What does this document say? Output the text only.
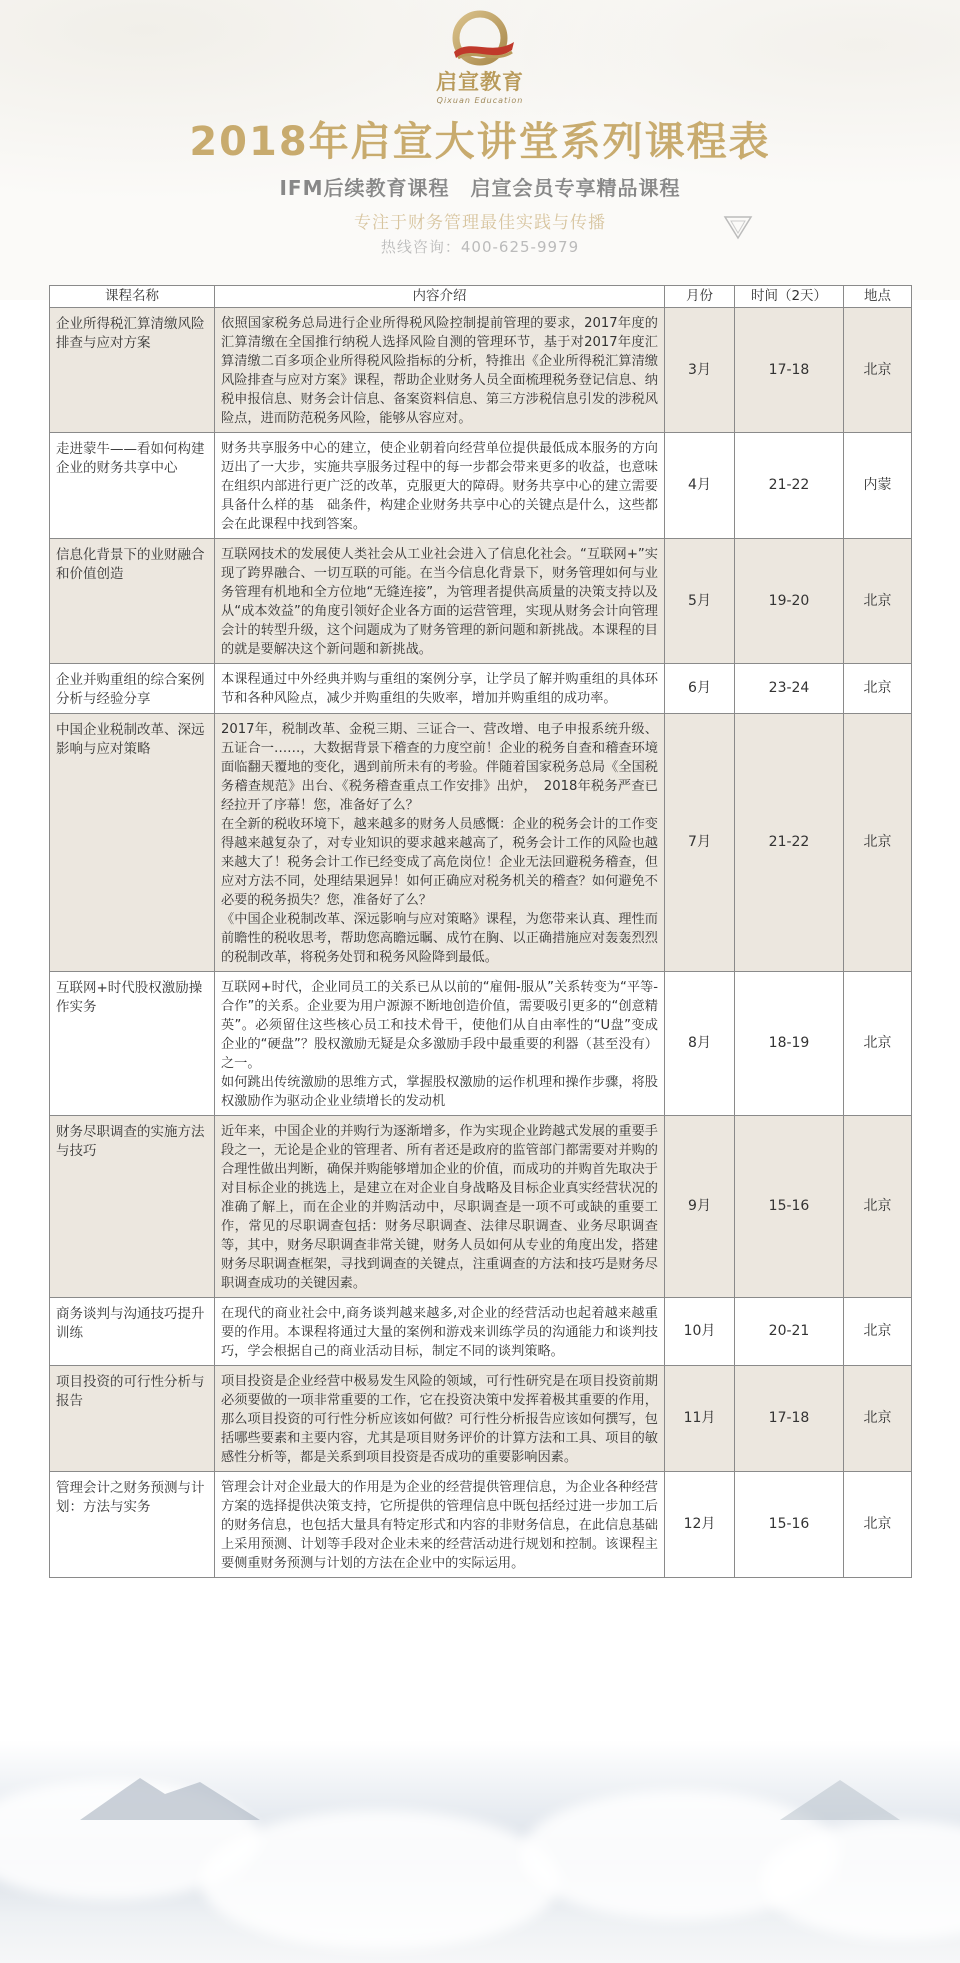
启宣教育
Qixuan Education
2018年启宣大讲堂系列课程表
IFM后续教育课程　启宣会员专享精品课程
专注于财务管理最佳实践与传播
热线咨询：400-625-9979
课程名称	内容介绍	月份	时间（2天）	地点
企业所得税汇算清缴风险排查与应对方案	依照国家税务总局进行企业所得税风险控制提前管理的要求，2017年度的汇算清缴在全国推行纳税人选择风险自测的管理环节，基于对2017年度汇算清缴二百多项企业所得税风险指标的分析，特推出《企业所得税汇算清缴风险排查与应对方案》课程，帮助企业财务人员全面梳理税务登记信息、纳税申报信息、财务会计信息、备案资料信息、第三方涉税信息引发的涉税风险点，进而防范税务风险，能够从容应对。	3月	17-18	北京
走进蒙牛——看如何构建企业的财务共享中心	财务共享服务中心的建立，使企业朝着向经营单位提供最低成本服务的方向迈出了一大步，实施共享服务过程中的每一步都会带来更多的收益，也意味在组织内部进行更广泛的改革，克服更大的障碍。财务共享中心的建立需要具备什么样的基　础条件，构建企业财务共享中心的关键点是什么，这些都会在此课程中找到答案。	4月	21-22	内蒙
信息化背景下的业财融合和价值创造	互联网技术的发展使人类社会从工业社会进入了信息化社会。“互联网+”实现了跨界融合、一切互联的可能。在当今信息化背景下，财务管理如何与业务管理有机地和全方位地“无缝连接”，为管理者提供高质量的决策支持以及从“成本效益”的角度引领好企业各方面的运营管理，实现从财务会计向管理会计的转型升级，这个问题成为了财务管理的新问题和新挑战。本课程的目的就是要解决这个新问题和新挑战。	5月	19-20	北京
企业并购重组的综合案例分析与经验分享	本课程通过中外经典并购与重组的案例分享，让学员了解并购重组的具体环节和各种风险点，减少并购重组的失败率，增加并购重组的成功率。	6月	23-24	北京
中国企业税制改革、深远影响与应对策略	2017年，税制改革、金税三期、三证合一、营改增、电子申报系统升级、五证合一……，大数据背景下稽查的力度空前！企业的税务自查和稽查环境面临翻天覆地的变化，遇到前所未有的考验。伴随着国家税务总局《全国税务稽查规范》出台、《税务稽查重点工作安排》出炉，　2018年税务严查已经拉开了序幕！您，准备好了么？
在全新的税收环境下，越来越多的财务人员感慨：企业的税务会计的工作变得越来越复杂了，对专业知识的要求越来越高了，税务会计工作的风险也越来越大了！税务会计工作已经变成了高危岗位！企业无法回避税务稽查，但应对方法不同，处理结果迥异！如何正确应对税务机关的稽查？如何避免不必要的税务损失？您，准备好了么？
《中国企业税制改革、深远影响与应对策略》课程，为您带来认真、理性而前瞻性的税收思考，帮助您高瞻远瞩、成竹在胸、以正确措施应对轰轰烈烈的税制改革，将税务处罚和税务风险降到最低。	7月	21-22	北京
互联网+时代股权激励操作实务	互联网+时代，企业同员工的关系已从以前的“雇佣-服从”关系转变为“平等-合作”的关系。企业要为用户源源不断地创造价值，需要吸引更多的“创意精英”。必须留住这些核心员工和技术骨干，使他们从自由率性的“U盘”变成企业的“硬盘”？股权激励无疑是众多激励手段中最重要的利器（甚至没有）之一。
如何跳出传统激励的思维方式，掌握股权激励的运作机理和操作步骤，将股权激励作为驱动企业业绩增长的发动机	8月	18-19	北京
财务尽职调查的实施方法与技巧	近年来，中国企业的并购行为逐渐增多，作为实现企业跨越式发展的重要手段之一，无论是企业的管理者、所有者还是政府的监管部门都需要对并购的合理性做出判断，确保并购能够增加企业的价值，而成功的并购首先取决于对目标企业的挑选上，是建立在对企业自身战略及目标企业真实经营状况的准确了解上，而在企业的并购活动中，尽职调查是一项不可或缺的重要工作，常见的尽职调查包括：财务尽职调查、法律尽职调查、业务尽职调查等，其中，财务尽职调查非常关键，财务人员如何从专业的角度出发，搭建财务尽职调查框架，寻找到调查的关键点，注重调查的方法和技巧是财务尽职调查成功的关键因素。	9月	15-16	北京
商务谈判与沟通技巧提升训练	在现代的商业社会中,商务谈判越来越多,对企业的经营活动也起着越来越重要的作用。本课程将通过大量的案例和游戏来训练学员的沟通能力和谈判技巧，学会根据自己的商业活动目标，制定不同的谈判策略。	10月	20-21	北京
项目投资的可行性分析与报告	项目投资是企业经营中极易发生风险的领域，可行性研究是在项目投资前期必须要做的一项非常重要的工作，它在投资决策中发挥着极其重要的作用，那么项目投资的可行性分析应该如何做？可行性分析报告应该如何撰写，包括哪些要素和主要内容，尤其是项目财务评价的计算方法和工具、项目的敏感性分析等，都是关系到项目投资是否成功的重要影响因素。	11月	17-18	北京
管理会计之财务预测与计划：方法与实务	管理会计对企业最大的作用是为企业的经营提供管理信息，为企业各种经营方案的选择提供决策支持，它所提供的管理信息中既包括经过进一步加工后的财务信息，也包括大量具有特定形式和内容的非财务信息，在此信息基础上采用预测、计划等手段对企业未来的经营活动进行规划和控制。该课程主要侧重财务预测与计划的方法在企业中的实际运用。	12月	15-16	北京
